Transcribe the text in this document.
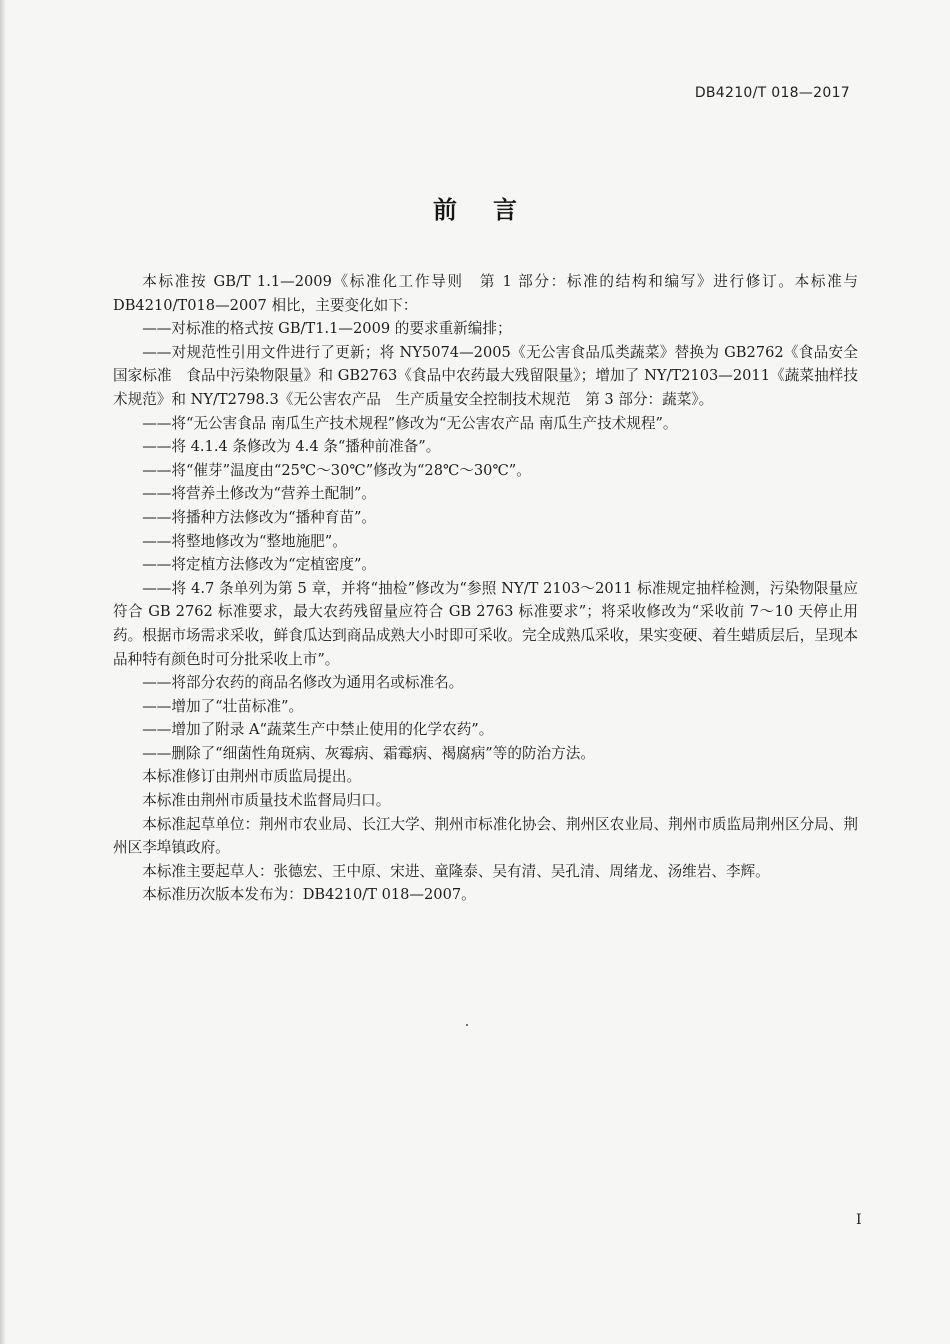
DB4210/T 018—2017
前言

本标准按 GB/T 1.1—2009《标准化工作导则　第 1 部分：标准的结构和编写》进行修订。本标准与 DB4210/T018—2007 相比，主要变化如下：

——对标准的格式按 GB/T1.1—2009 的要求重新编排；

——对规范性引用文件进行了更新；将 NY5074—2005《无公害食品瓜类蔬菜》替换为 GB2762《食品安全国家标准　食品中污染物限量》和 GB2763《食品中农药最大残留限量》；增加了 NY/T2103—2011《蔬菜抽样技术规范》和 NY/T2798.3《无公害农产品　生产质量安全控制技术规范　第 3 部分：蔬菜》。

——将“无公害食品 南瓜生产技术规程”修改为“无公害农产品 南瓜生产技术规程”。

——将 4.1.4 条修改为 4.4 条“播种前准备”。

——将“催芽”温度由“25℃～30℃”修改为“28℃～30℃”。

——将营养土修改为“营养土配制”。

——将播种方法修改为“播种育苗”。

——将整地修改为“整地施肥”。

——将定植方法修改为“定植密度”。

——将 4.7 条单列为第 5 章，并将“抽检”修改为“参照 NY/T 2103～2011 标准规定抽样检测，污染物限量应符合 GB 2762 标准要求，最大农药残留量应符合 GB 2763 标准要求”；将采收修改为“采收前 7～10 天停止用药。根据市场需求采收，鲜食瓜达到商品成熟大小时即可采收。完全成熟瓜采收，果实变硬、着生蜡质层后，呈现本品种特有颜色时可分批采收上市”。

——将部分农药的商品名修改为通用名或标准名。

——增加了“壮苗标准”。

——增加了附录 A“蔬菜生产中禁止使用的化学农药”。

——删除了“细菌性角斑病、灰霉病、霜霉病、褐腐病”等的防治方法。

本标准修订由荆州市质监局提出。

本标准由荆州市质量技术监督局归口。

本标准起草单位：荆州市农业局、长江大学、荆州市标准化协会、荆州区农业局、荆州市质监局荆州区分局、荆州区李埠镇政府。

本标准主要起草人：张德宏、王中原、宋进、童隆泰、吴有清、吴孔清、周绪龙、汤维岩、李辉。

本标准历次版本发布为：DB4210/T 018—2007。

I
